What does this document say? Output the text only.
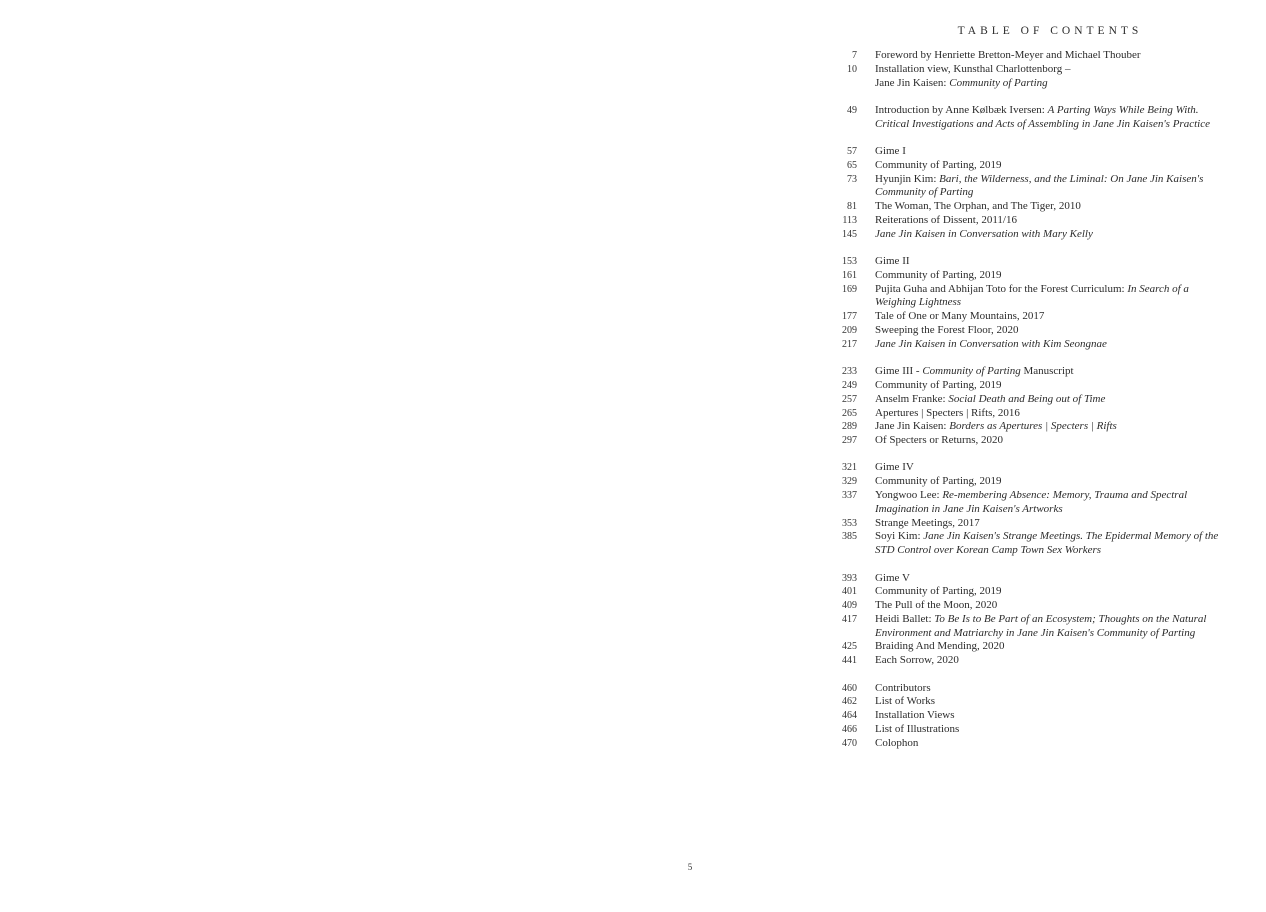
TABLE OF CONTENTS
7 Foreword by Henriette Bretton-Meyer and Michael Thouber
10 Installation view, Kunsthal Charlottenborg –
Jane Jin Kaisen: Community of Parting
49 Introduction by Anne Kølbæk Iversen: A Parting Ways While Being With. Critical Investigations and Acts of Assembling in Jane Jin Kaisen's Practice
57 Gime I
65 Community of Parting, 2019
73 Hyunjin Kim: Bari, the Wilderness, and the Liminal: On Jane Jin Kaisen's Community of Parting
81 The Woman, The Orphan, and The Tiger, 2010
113 Reiterations of Dissent, 2011/16
145 Jane Jin Kaisen in Conversation with Mary Kelly
153 Gime II
161 Community of Parting, 2019
169 Pujita Guha and Abhijan Toto for the Forest Curriculum: In Search of a Weighing Lightness
177 Tale of One or Many Mountains, 2017
209 Sweeping the Forest Floor, 2020
217 Jane Jin Kaisen in Conversation with Kim Seongnae
233 Gime III - Community of Parting Manuscript
249 Community of Parting, 2019
257 Anselm Franke: Social Death and Being out of Time
265 Apertures | Specters | Rifts, 2016
289 Jane Jin Kaisen: Borders as Apertures | Specters | Rifts
297 Of Specters or Returns, 2020
321 Gime IV
329 Community of Parting, 2019
337 Yongwoo Lee: Re-membering Absence: Memory, Trauma and Spectral Imagination in Jane Jin Kaisen's Artworks
353 Strange Meetings, 2017
385 Soyi Kim: Jane Jin Kaisen's Strange Meetings. The Epidermal Memory of the STD Control over Korean Camp Town Sex Workers
393 Gime V
401 Community of Parting, 2019
409 The Pull of the Moon, 2020
417 Heidi Ballet: To Be Is to Be Part of an Ecosystem; Thoughts on the Natural Environment and Matriarchy in Jane Jin Kaisen's Community of Parting
425 Braiding And Mending, 2020
441 Each Sorrow, 2020
460 Contributors
462 List of Works
464 Installation Views
466 List of Illustrations
470 Colophon
5
